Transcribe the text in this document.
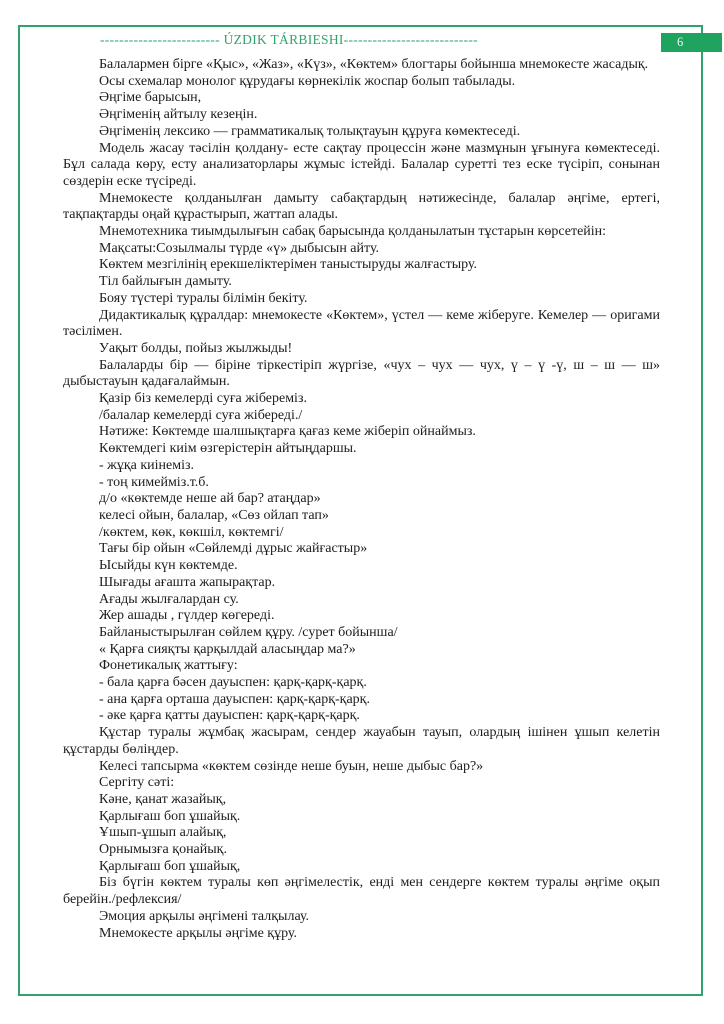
------------------------- ÚZDIK TÁRBIESHI----------------------------	6

Балалармен бірге «Қыс», «Жаз», «Күз», «Көктем» блогтары бойынша мнемокесте жасадық.

Осы схемалар монолог құрудағы көрнекілік жоспар болып табылады.

Әңгіме барысын,

Әңгіменің айтылу кезеңін.

Әңгіменің лексико — грамматикалық толықтауын құруға көмектеседі.

Модель жасау тәсілін қолдану- есте сақтау процессін және мазмұнын ұғынуға көмектеседі. Бұл салада көру, есту анализаторлары жұмыс істейді. Балалар суретті тез еске түсіріп, сонынан сөздерін еске түсіреді.

Мнемокесте қолданылған дамыту сабақтардың нәтижесінде, балалар әңгіме, ертегі, тақпақтарды оңай құрастырып, жаттап алады.

Мнемотехника тиымдылығын сабақ барысында қолданылатын тұстарын көрсетейін:

Мақсаты:Созылмалы түрде «ү» дыбысын айту.

Көктем мезгілінің ерекшеліктерімен таныстыруды жалғастыру.

Тіл байлығын дамыту.

Бояу түстері туралы білімін бекіту.

Дидактикалық құралдар: мнемокесте «Көктем», үстел — кеме жіберуге. Кемелер — оригами тәсілімен.

Уақыт болды, пойыз жылжыды!

Балаларды бір — біріне тіркестіріп жүргізе, «чух – чух — чух, ү – ү -ү, ш – ш — ш» дыбыстауын қадағалаймын.

Қазір біз кемелерді суға жібереміз.

/балалар кемелерді суға жібереді./

Нәтиже: Көктемде шалшықтарға қағаз кеме жіберіп ойнаймыз.

Көктемдегі киім өзгерістерін айтыңдаршы.

- жұқа киінеміз.

- тоң кимейміз.т.б.

д/о «көктемде неше ай бар? атаңдар»

келесі ойын, балалар, «Сөз ойлап тап»

/көктем, көк, көкшіл, көктемгі/

Тағы бір ойын «Сөйлемді дұрыс жайғастыр»

Ысыйды күн көктемде.

Шығады ағашта жапырақтар.

Ағады жылғалардан су.

Жер ашады , гүлдер көгереді.

Байланыстырылған сөйлем құру. /сурет бойынша/

« Қарға сияқты қарқылдай аласыңдар ма?»

Фонетикалық жаттығу:

- бала қарға бәсен дауыспен: қарқ-қарқ-қарқ.

- ана қарға орташа дауыспен: қарқ-қарқ-қарқ.

- әке қарға қатты дауыспен: қарқ-қарқ-қарқ.

Құстар туралы жұмбақ жасырам, сендер жауабын тауып, олардың ішінен ұшып келетін құстарды бөліңдер.

Келесі тапсырма «көктем сөзінде неше буын, неше дыбыс бар?»

Сергіту сәті:

Кәне, қанат жазайық,

Қарлығаш боп ұшайық.

Ұшып-ұшып алайық,

Орнымызға қонайық.

Қарлығаш боп ұшайық,

Біз бүгін көктем туралы көп әңгімелестік, енді мен сендерге көктем туралы әңгіме оқып берейін./рефлексия/

Эмоция арқылы әңгімені талқылау.

Мнемокесте арқылы әңгіме құру.
